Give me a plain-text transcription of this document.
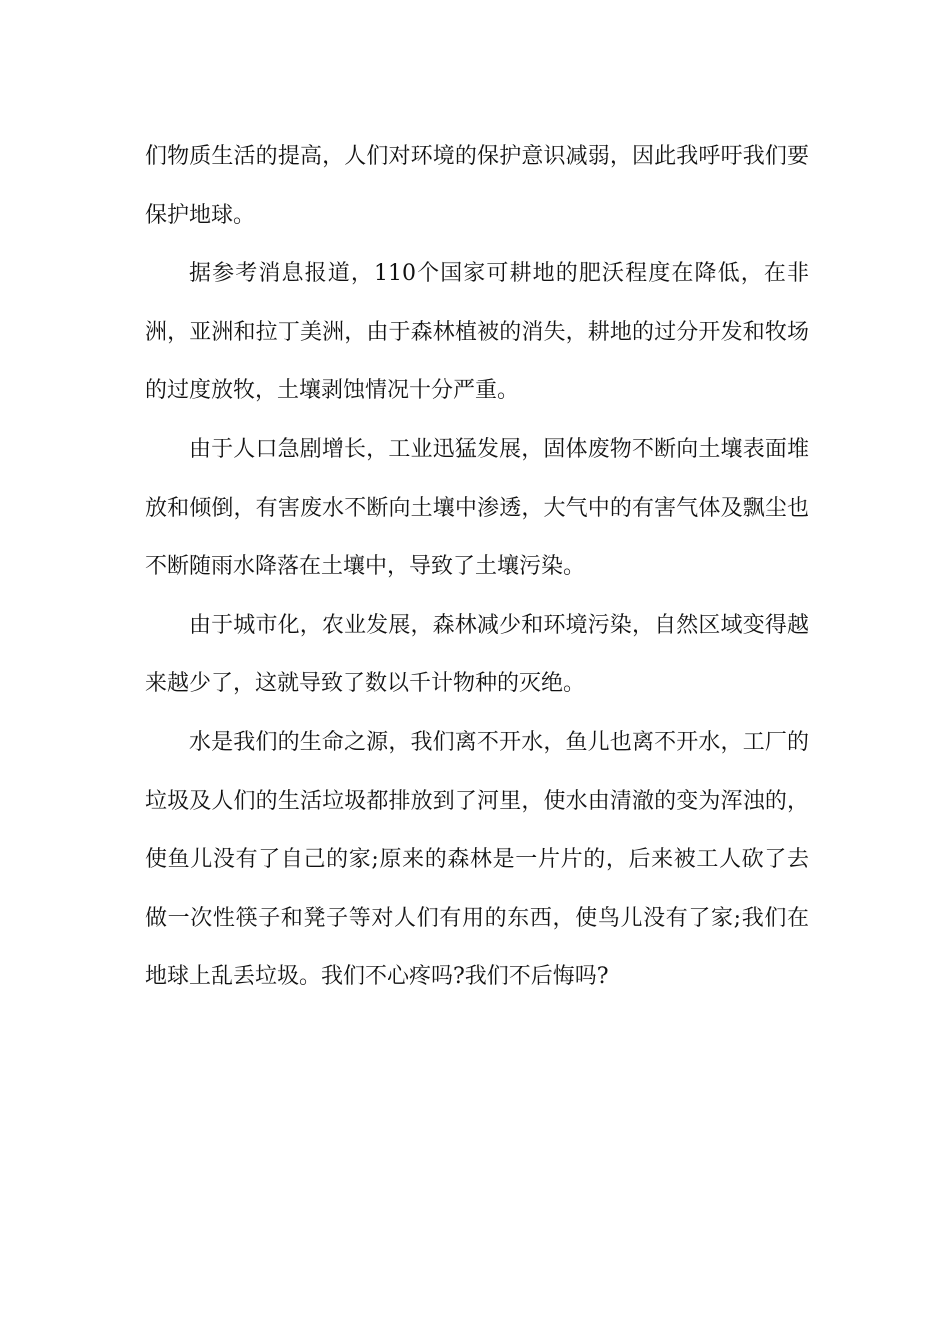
们物质生活的提高，人们对环境的保护意识减弱，因此我呼吁我们要保护地球。

据参考消息报道，110个国家可耕地的肥沃程度在降低，在非洲，亚洲和拉丁美洲，由于森林植被的消失，耕地的过分开发和牧场的过度放牧，土壤剥蚀情况十分严重。

由于人口急剧增长，工业迅猛发展，固体废物不断向土壤表面堆放和倾倒，有害废水不断向土壤中渗透，大气中的有害气体及飘尘也不断随雨水降落在土壤中，导致了土壤污染。

由于城市化，农业发展，森林减少和环境污染，自然区域变得越来越少了，这就导致了数以千计物种的灭绝。

水是我们的生命之源，我们离不开水，鱼儿也离不开水，工厂的垃圾及人们的生活垃圾都排放到了河里，使水由清澈的变为浑浊的，使鱼儿没有了自己的家;原来的森林是一片片的，后来被工人砍了去做一次性筷子和凳子等对人们有用的东西，使鸟儿没有了家;我们在地球上乱丢垃圾。我们不心疼吗?我们不后悔吗?
